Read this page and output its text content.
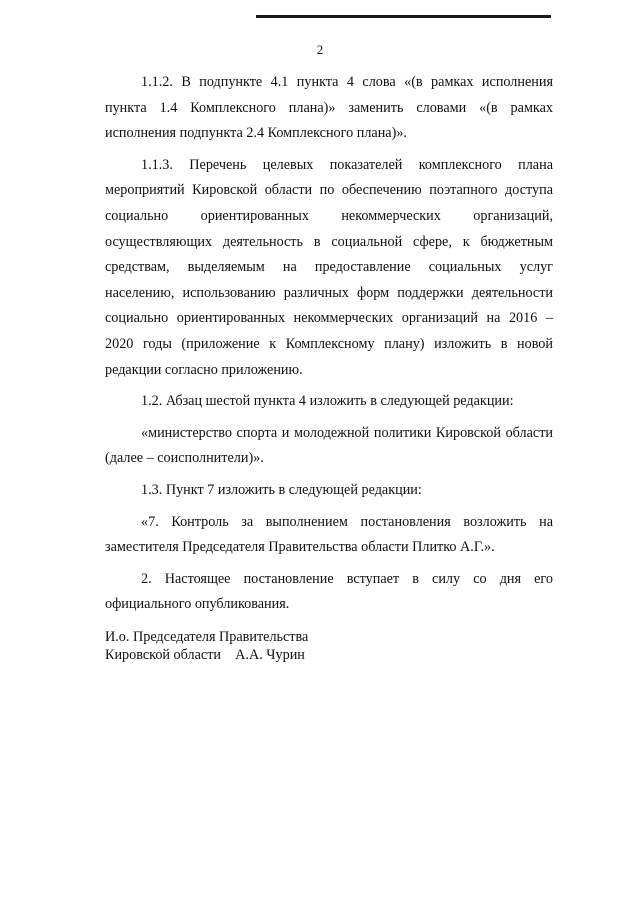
2

1.1.2. В подпункте 4.1 пункта 4 слова «(в рамках исполнения пункта 1.4 Комплексного плана)» заменить словами «(в рамках исполнения подпункта 2.4 Комплексного плана)».

1.1.3. Перечень целевых показателей комплексного плана мероприятий Кировской области по обеспечению поэтапного доступа социально ориентированных некоммерческих организаций, осуществляющих деятельность в социальной сфере, к бюджетным средствам, выделяемым на предоставление социальных услуг населению, использованию различных форм поддержки деятельности социально ориентированных некоммерческих организаций на 2016 – 2020 годы (приложение к Комплексному плану) изложить в новой редакции согласно приложению.

1.2. Абзац шестой пункта 4 изложить в следующей редакции:

«министерство спорта и молодежной политики Кировской области (далее – соисполнители)».

1.3. Пункт 7 изложить в следующей редакции:

«7. Контроль за выполнением постановления возложить на заместителя Председателя Правительства области Плитко А.Г.».

2. Настоящее постановление вступает в силу со дня его официального опубликования.

И.о. Председателя Правительства
Кировской области    А.А. Чурин
